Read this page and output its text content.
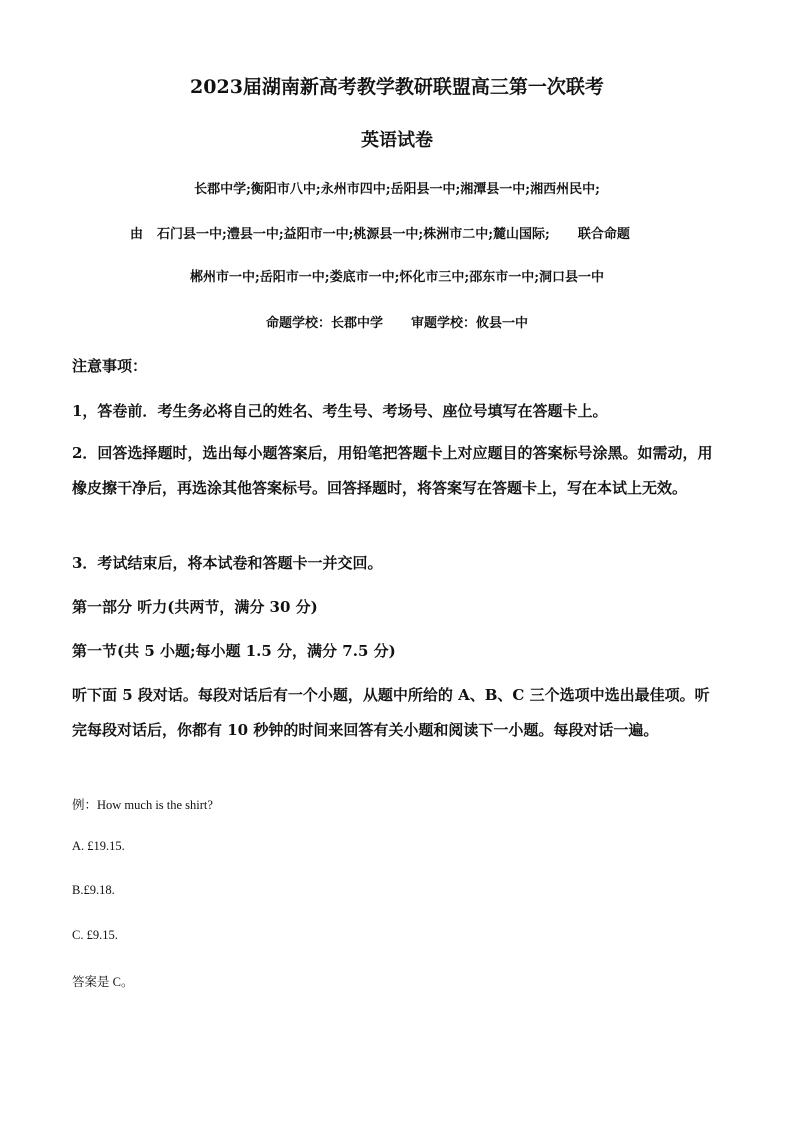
2023届湖南新高考教学教研联盟高三第一次联考
英语试卷
长郡中学;衡阳市八中;永州市四中;岳阳县一中;湘潭县一中;湘西州民中;
由 石门县一中;澧县一中;益阳市一中;桃源县一中;株洲市二中;麓山国际; 联合命题
郴州市一中;岳阳市一中;娄底市一中;怀化市三中;邵东市一中;洞口县一中
命题学校：长郡中学 审题学校：攸县一中
注意事项：
1，答卷前．考生务必将自己的姓名、考生号、考场号、座位号填写在答题卡上。
2．回答选择题时，选出每小题答案后，用铅笔把答题卡上对应题目的答案标号涂黑。如需动，用橡皮擦干净后，再选涂其他答案标号。回答择题时，将答案写在答题卡上，写在本试上无效。
3．考试结束后，将本试卷和答题卡一并交回。
第一部分 听力(共两节，满分 30 分)
第一节(共 5 小题;每小题 1.5 分，满分 7.5 分)
听下面 5 段对话。每段对话后有一个小题，从题中所给的 A、B、C 三个选项中选出最佳项。听完每段对话后，你都有 10 秒钟的时间来回答有关小题和阅读下一小题。每段对话一遍。
例：How much is the shirt?
A. £19.15.
B.£9.18.
C. £9.15.
答案是 C。
